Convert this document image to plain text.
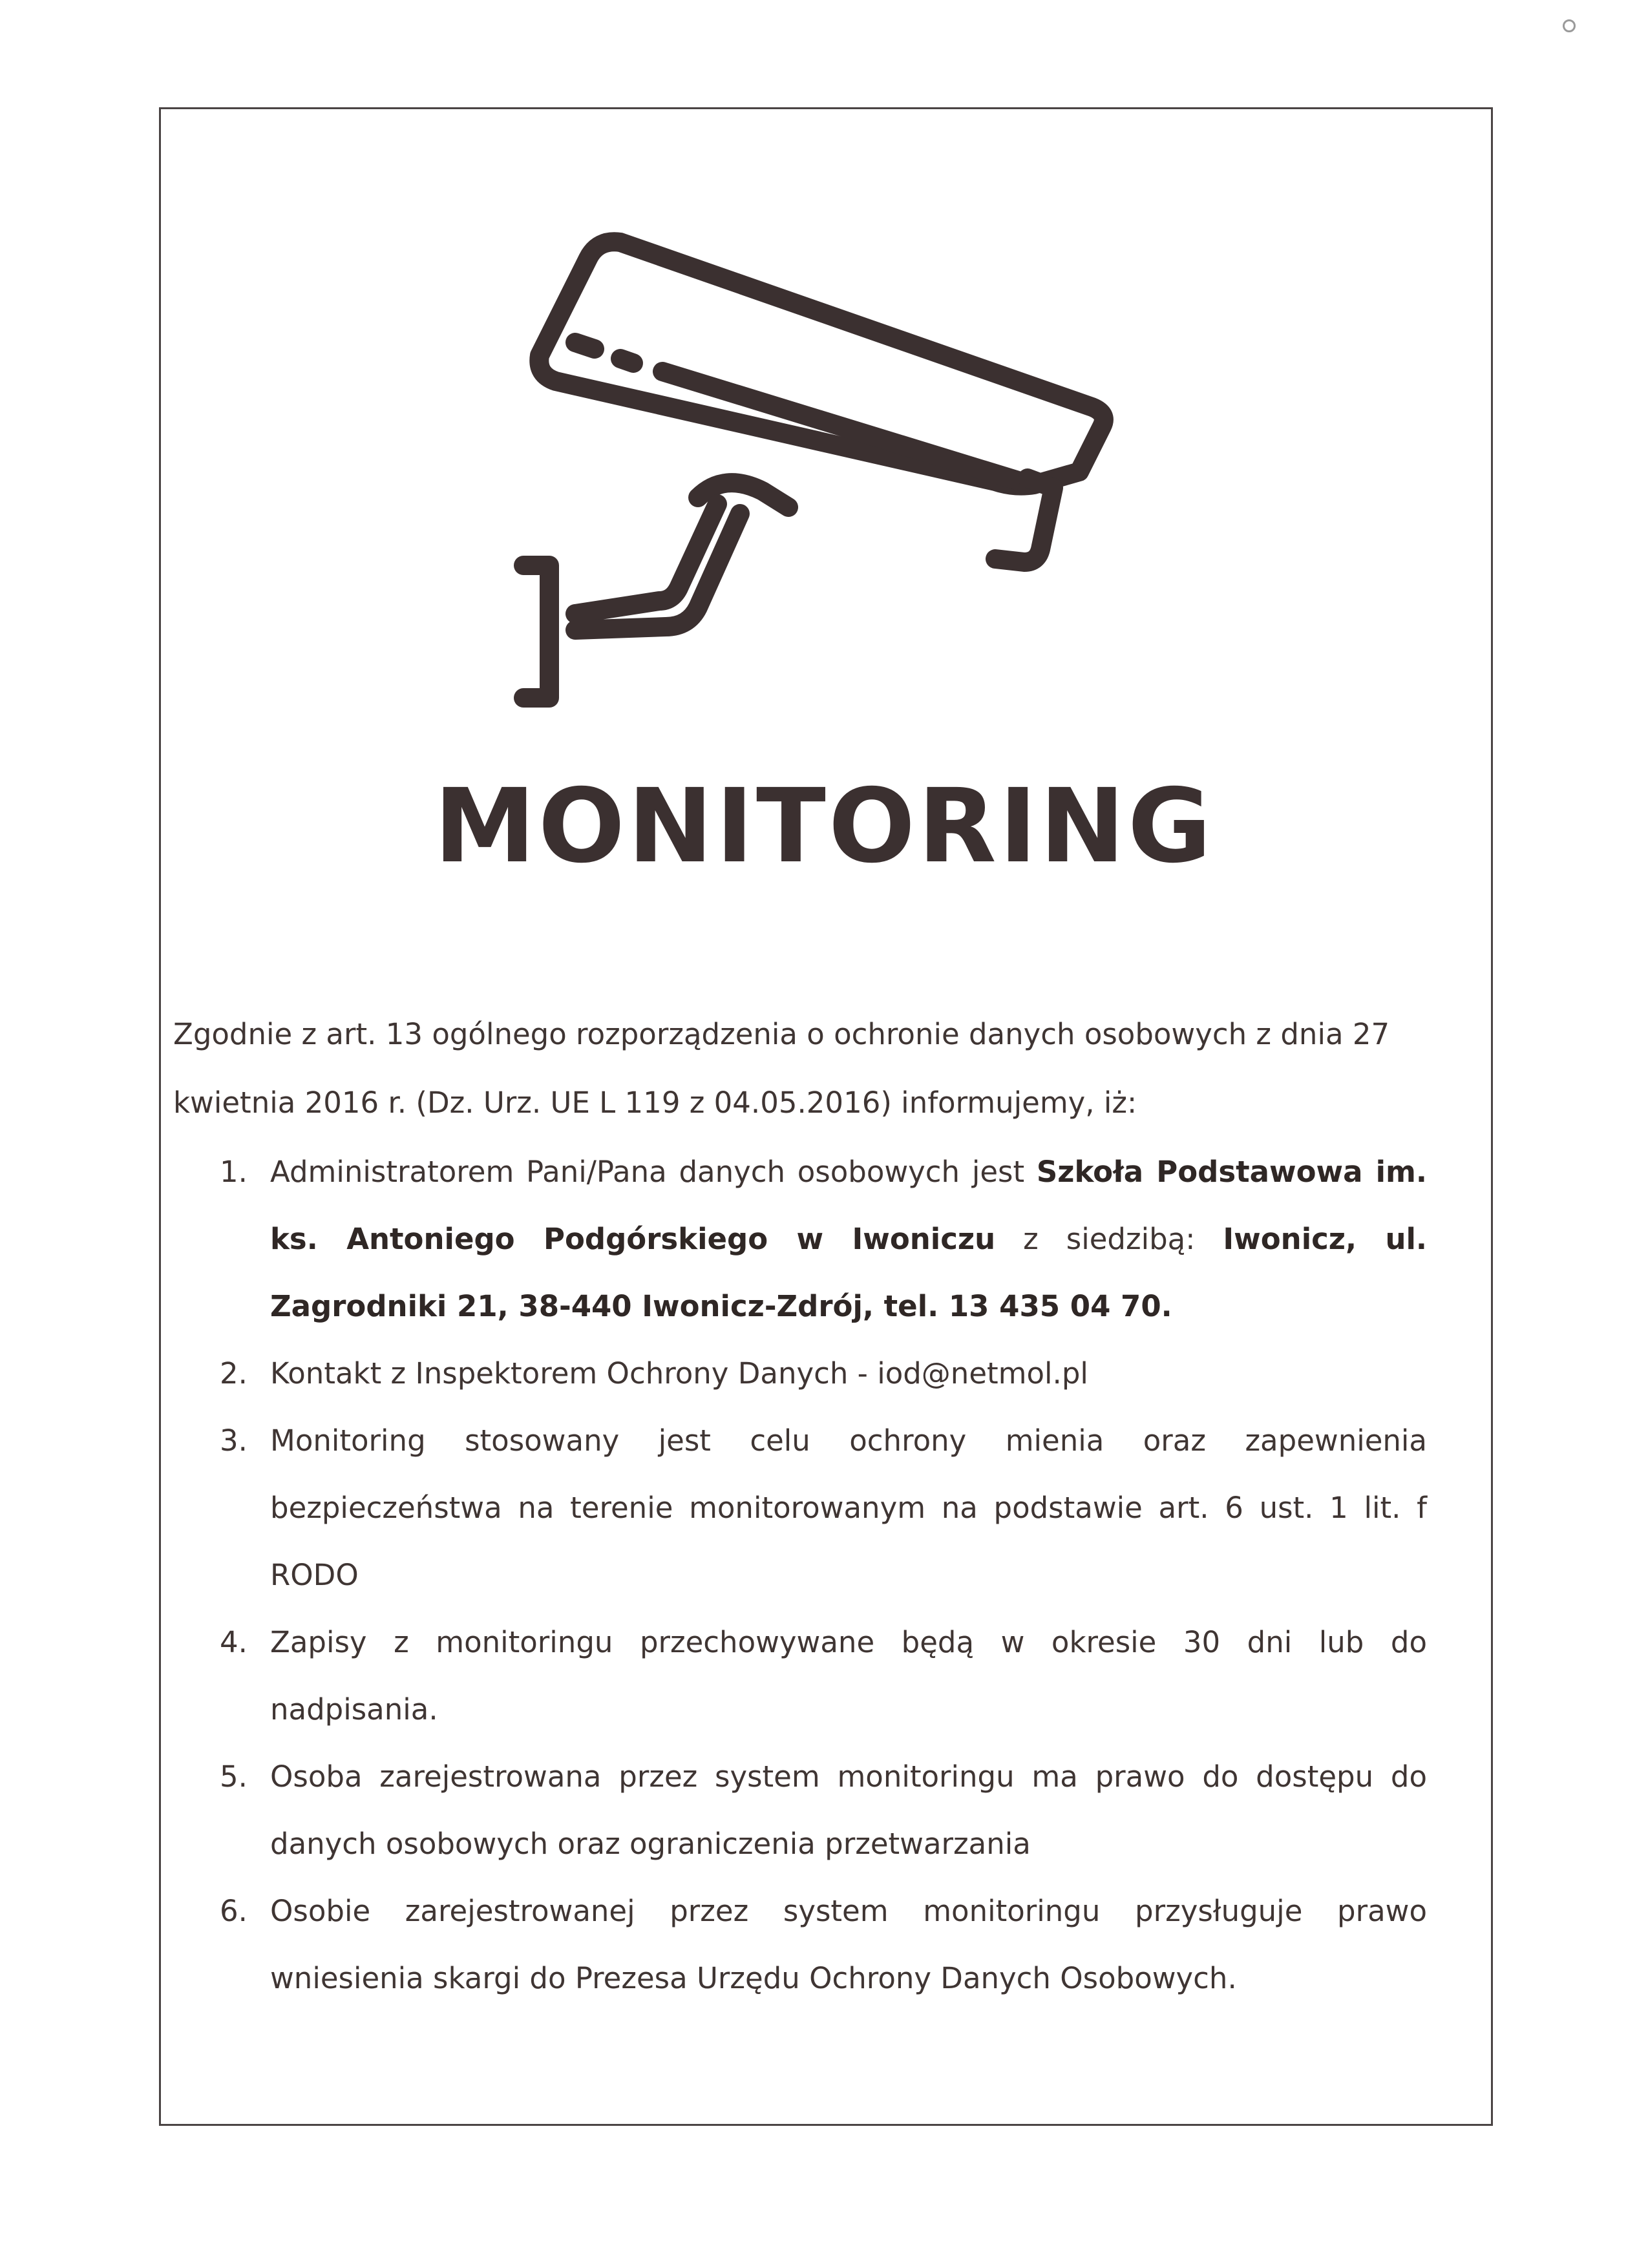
MONITORING

Zgodnie z art. 13 ogólnego rozporządzenia o ochronie danych osobowych z dnia 27 kwietnia 2016 r. (Dz. Urz. UE L 119 z 04.05.2016) informujemy, iż:

1. Administratorem Pani/Pana danych osobowych jest Szkoła Podstawowa im. ks. Antoniego Podgórskiego w Iwoniczu z siedzibą: Iwonicz, ul. Zagrodniki 21, 38-440 Iwonicz-Zdrój, tel. 13 435 04 70.
2. Kontakt z Inspektorem Ochrony Danych - iod@netmol.pl
3. Monitoring stosowany jest celu ochrony mienia oraz zapewnienia bezpieczeństwa na terenie monitorowanym na podstawie art. 6 ust. 1 lit. f RODO
4. Zapisy z monitoringu przechowywane będą w okresie 30 dni lub do nadpisania.
5. Osoba zarejestrowana przez system monitoringu ma prawo do dostępu do danych osobowych oraz ograniczenia przetwarzania
6. Osobie zarejestrowanej przez system monitoringu przysługuje prawo wniesienia skargi do Prezesa Urzędu Ochrony Danych Osobowych.
